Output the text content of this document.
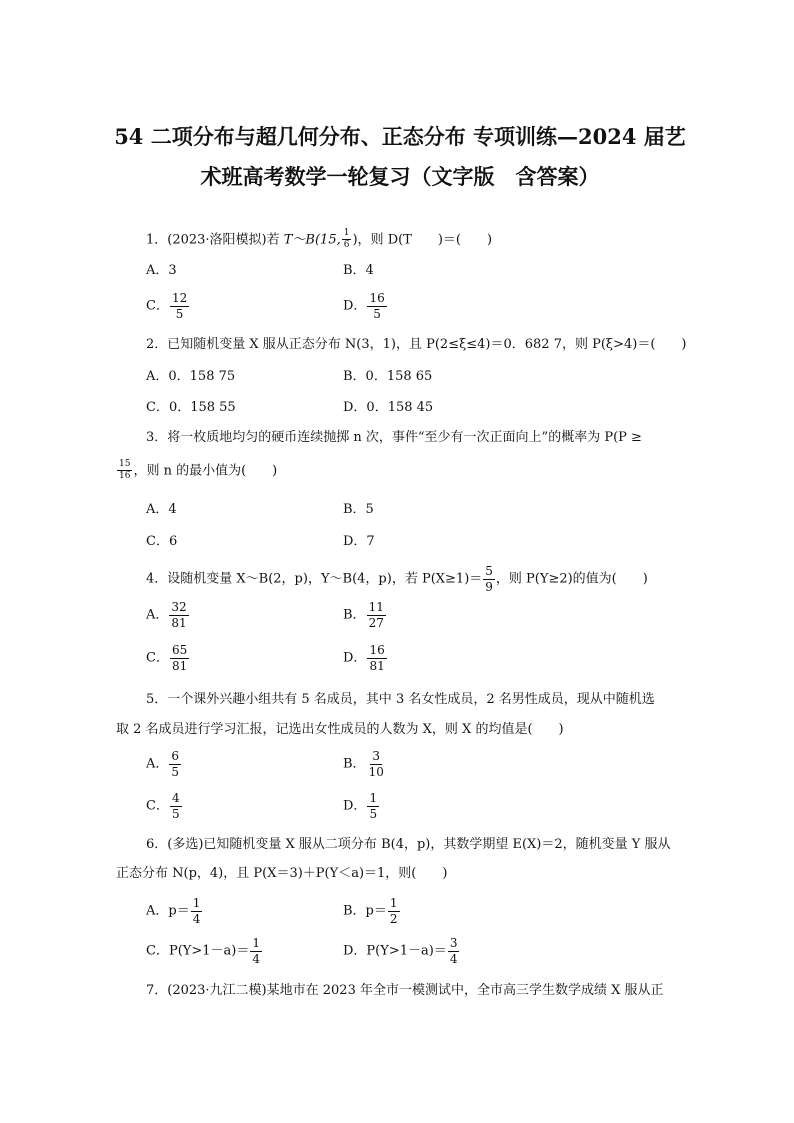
54 二项分布与超几何分布、正态分布 专项训练—2024 届艺
术班高考数学一轮复习（文字版　含答案）
1．(2023·洛阳模拟)若 T～B(15, $\frac{1}{6}$ )，则 D(T　　)＝(　　)
A．3	B．4
C． $\frac{12}{5}$	D． $\frac{16}{5}$
2．已知随机变量 X 服从正态分布 N(3，1)，且 P(2≤ξ≤4)＝0．682 7，则 P(ξ>4)＝(　　)
A．0．158 75	B．0．158 65
C．0．158 55	D．0．158 45
3．将一枚质地均匀的硬币连续抛掷 n 次，事件“至少有一次正面向上”的概率为 P(P ≥
$\frac{15}{16}$ ，则 n 的最小值为(　　)
A．4	B．5
C．6	D．7
4．设随机变量 X～B(2，p)，Y～B(4，p)，若 $P(X\ge 1)= \frac{5}{9}$ ，则 P(Y≥2)的值为(　　)
A． $\frac{32}{81}$	B． $\frac{11}{27}$
C． $\frac{65}{81}$	D． $\frac{16}{81}$
5．一个课外兴趣小组共有 5 名成员，其中 3 名女性成员，2 名男性成员，现从中随机选
取 2 名成员进行学习汇报，记选出女性成员的人数为 X，则 X 的均值是(　　)
A． $\frac{6}{5}$	B． $\frac{3}{10}$
C． $\frac{4}{5}$	D． $\frac{1}{5}$
6．(多选)已知随机变量 X 服从二项分布 B(4，p)，其数学期望 E(X)＝2，随机变量 Y 服从
正态分布 N(p，4)，且 P(X＝3)＋P(Y＜a)＝1，则(　　)
A．$p= \frac{1}{4}$	B．$p= \frac{1}{2}$
C．$P(Y>1-a)= \frac{1}{4}$	D．$P(Y>1-a)= \frac{3}{4}$
7．(2023·九江二模)某地市在 2023 年全市一模测试中，全市高三学生数学成绩 X 服从正
